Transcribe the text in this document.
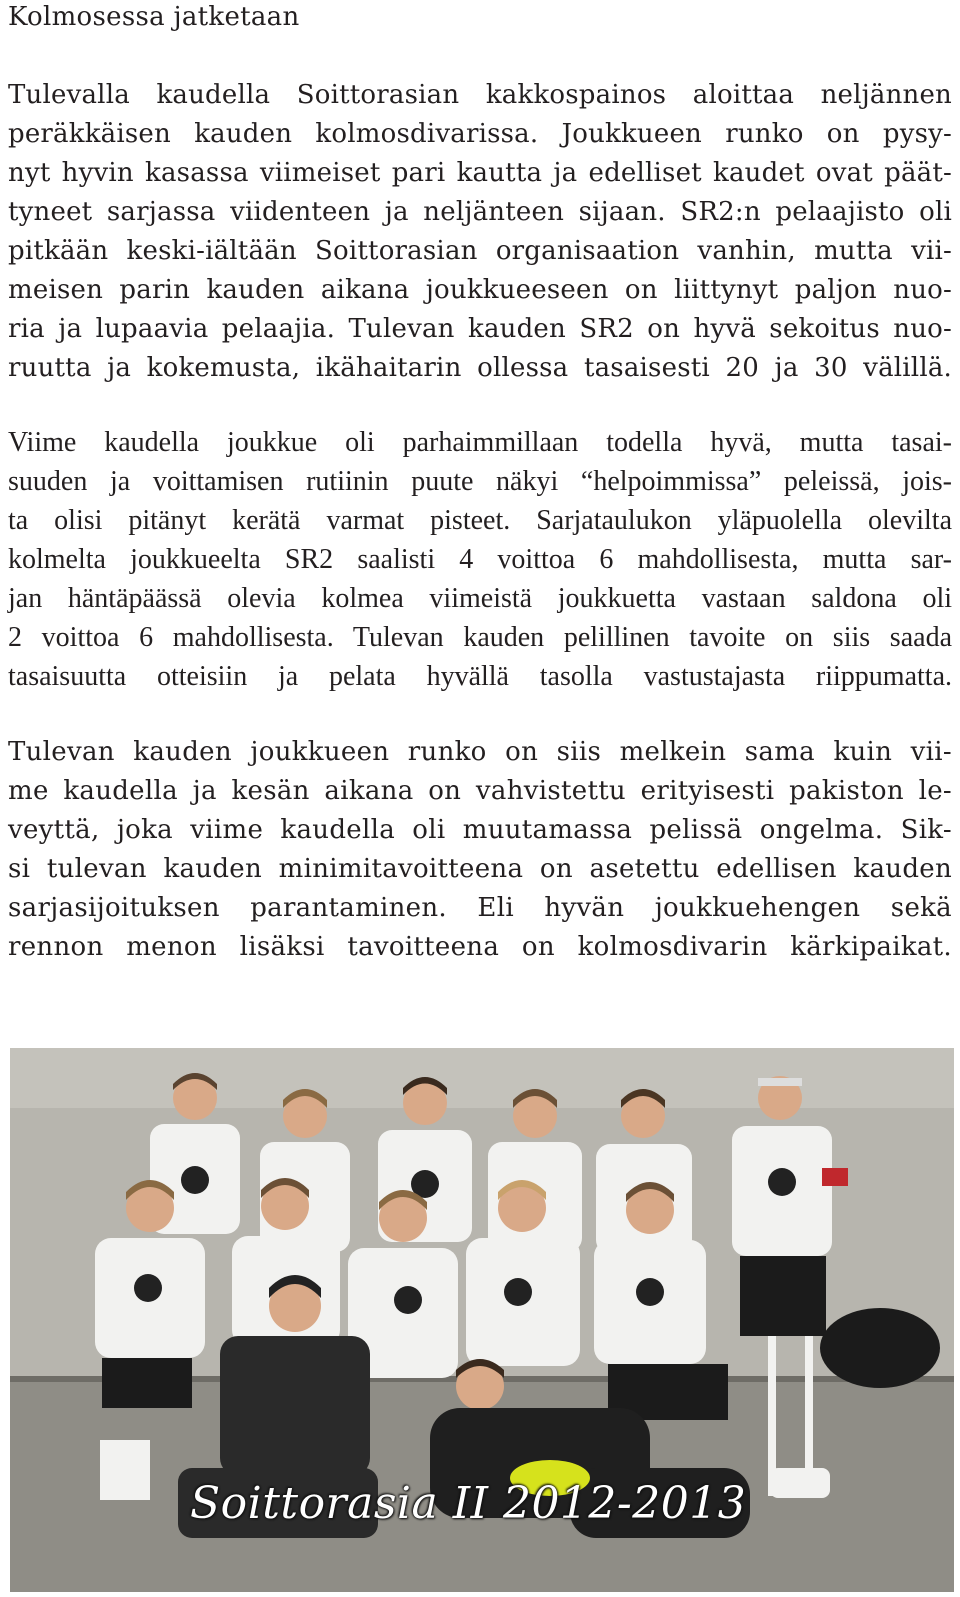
Kolmosessa jatketaan
Tulevalla kaudella Soittorasian kakkospainos aloittaa neljännen
peräkkäisen kauden kolmosdivarissa. Joukkueen runko on pysy-
nyt hyvin kasassa viimeiset pari kautta ja edelliset kaudet ovat päät-
tyneet sarjassa viidenteen ja neljänteen sijaan. SR2:n pelaajisto oli
pitkään keski-iältään Soittorasian organisaation vanhin, mutta vii-
meisen parin kauden aikana joukkueeseen on liittynyt paljon nuo-
ria ja lupaavia pelaajia. Tulevan kauden SR2 on hyvä sekoitus nuo-
ruutta ja kokemusta, ikähaitarin ollessa tasaisesti 20 ja 30 välillä.
Viime kaudella joukkue oli parhaimmillaan todella hyvä, mutta tasai-
suuden ja voittamisen rutiinin puute näkyi “helpoimmissa” peleissä, jois-
ta olisi pitänyt kerätä varmat pisteet. Sarjataulukon yläpuolella olevilta
kolmelta joukkueelta SR2 saalisti 4 voittoa 6 mahdollisesta, mutta sar-
jan häntäpäässä olevia kolmea viimeistä joukkuetta vastaan saldona oli
2 voittoa 6 mahdollisesta. Tulevan kauden pelillinen tavoite on siis saada
tasaisuutta otteisiin ja pelata hyvällä tasolla vastustajasta riippumatta.
Tulevan kauden joukkueen runko on siis melkein sama kuin vii-
me kaudella ja kesän aikana on vahvistettu erityisesti pakiston le-
veyttä, joka viime kaudella oli muutamassa pelissä ongelma. Sik-
si tulevan kauden minimitavoitteena on asetettu edellisen kauden
sarjasijoituksen parantaminen. Eli hyvän joukkuehengen sekä
rennon menon lisäksi tavoitteena on kolmosdivarin kärkipaikat.
Soittorasia II 2012-2013
